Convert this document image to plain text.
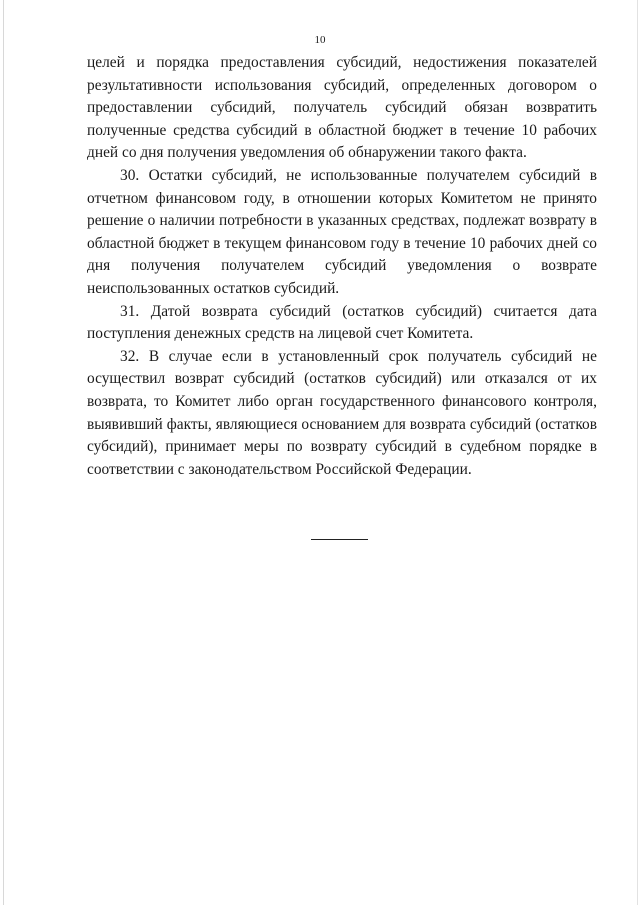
10

целей и порядка предоставления субсидий, недостижения показателей результативности использования субсидий, определенных договором о предоставлении субсидий, получатель субсидий обязан возвратить полученные средства субсидий в областной бюджет в течение 10 рабочих дней со дня получения уведомления об обнаружении такого факта.

30. Остатки субсидий, не использованные получателем субсидий в отчетном финансовом году, в отношении которых Комитетом не принято решение о наличии потребности в указанных средствах, подлежат возврату в областной бюджет в текущем финансовом году в течение 10 рабочих дней со дня получения получателем субсидий уведомления о возврате неиспользованных остатков субсидий.

31. Датой возврата субсидий (остатков субсидий) считается дата поступления денежных средств на лицевой счет Комитета.

32. В случае если в установленный срок получатель субсидий не осуществил возврат субсидий (остатков субсидий) или отказался от их возврата, то Комитет либо орган государственного финансового контроля, выявивший факты, являющиеся основанием для возврата субсидий (остатков субсидий), принимает меры по возврату субсидий в судебном порядке в соответствии с законодательством Российской Федерации.
